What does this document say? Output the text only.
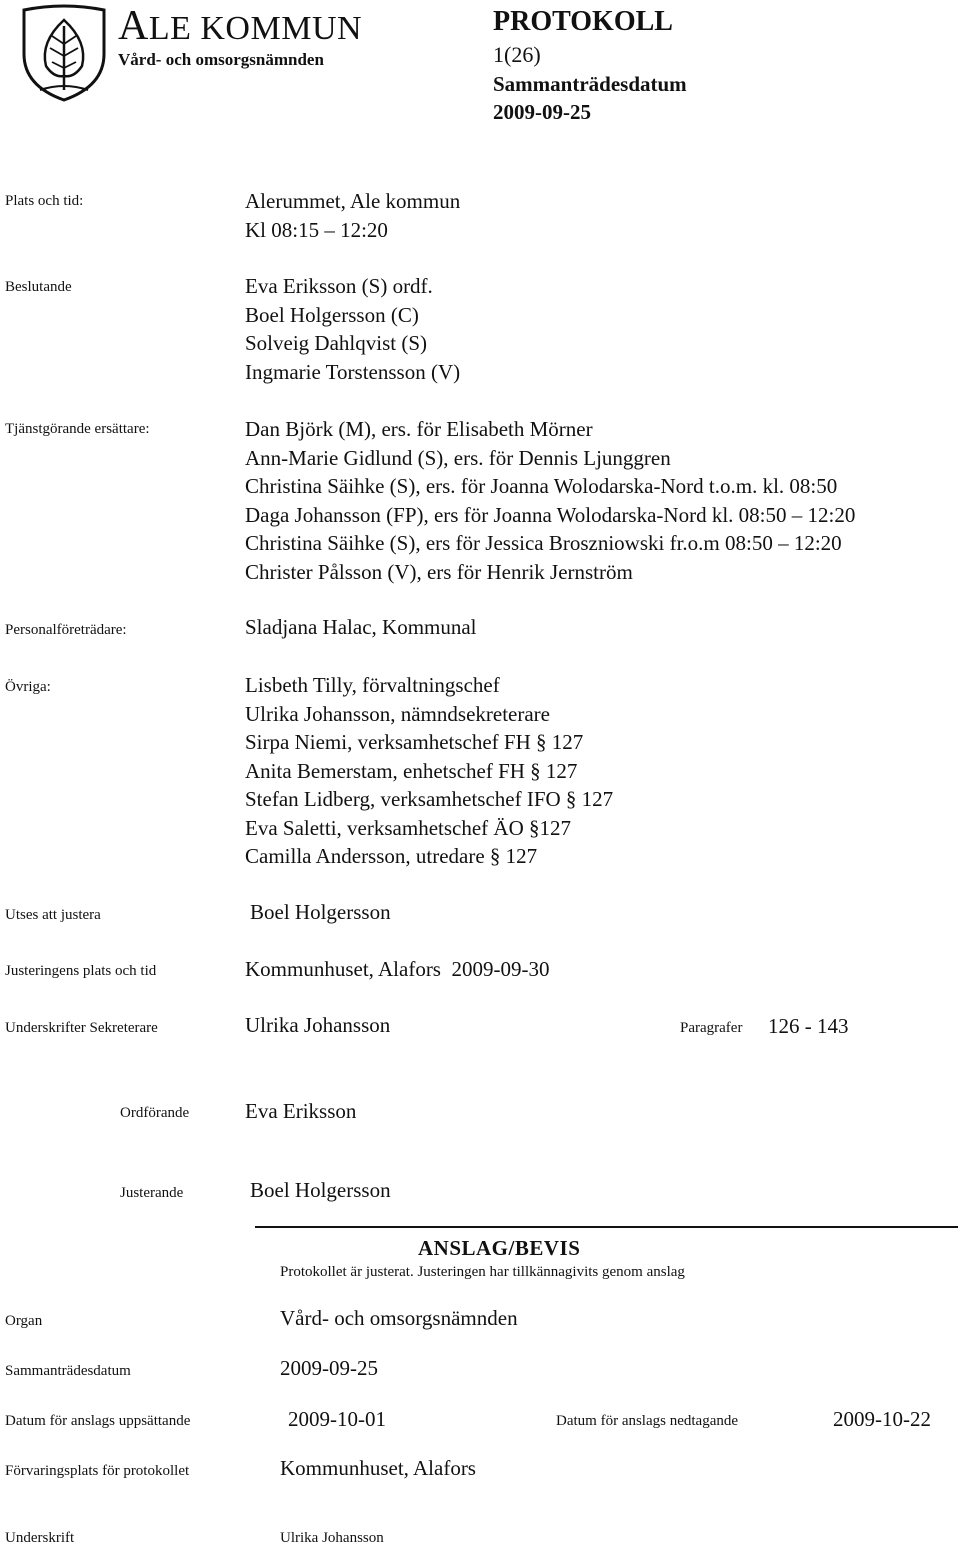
ALE KOMMUN
Vård- och omsorgsnämnden
PROTOKOLL
1(26)
Sammanträdesdatum
2009-09-25
Plats och tid:	Alerummet, Ale kommun
Kl 08:15 – 12:20
Beslutande	Eva Eriksson (S) ordf.
Boel Holgersson (C)
Solveig Dahlqvist (S)
Ingmarie Torstensson (V)
Tjänstgörande ersättare:	Dan Björk (M), ers. för Elisabeth Mörner
Ann-Marie Gidlund (S), ers. för Dennis Ljunggren
Christina Säihke (S), ers. för Joanna Wolodarska-Nord t.o.m. kl. 08:50
Daga Johansson (FP), ers för Joanna Wolodarska-Nord kl. 08:50 – 12:20
Christina Säihke (S), ers för Jessica Broszniowski fr.o.m 08:50 – 12:20
Christer Pålsson (V), ers för Henrik Jernström
Personalföreträdare:	Sladjana Halac, Kommunal
Övriga:	Lisbeth Tilly, förvaltningschef
Ulrika Johansson, nämndsekreterare
Sirpa Niemi, verksamhetschef FH § 127
Anita Bemerstam, enhetschef FH § 127
Stefan Lidberg, verksamhetschef IFO § 127
Eva Saletti, verksamhetschef ÄO §127
Camilla Andersson, utredare § 127
Utses att justera	Boel Holgersson
Justeringens plats och tid	Kommunhuset, Alafors  2009-09-30
Underskrifter Sekreterare	Ulrika Johansson	Paragrafer 126 - 143
Ordförande	Eva Eriksson
Justerande	Boel Holgersson
ANSLAG/BEVIS
Protokollet är justerat. Justeringen har tillkännagivits genom anslag
Organ	Vård- och omsorgsnämnden
Sammanträdesdatum	2009-09-25
Datum för anslags uppsättande	2009-10-01	Datum för anslags nedtagande	2009-10-22
Förvaringsplats för protokollet	Kommunhuset, Alafors
Underskrift	Ulrika Johansson
